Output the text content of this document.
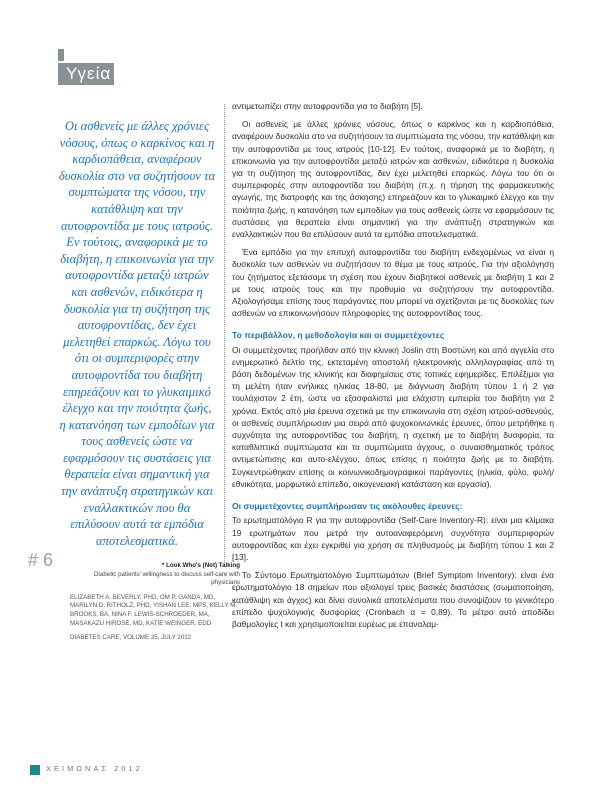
Υγεία

Οι ασθενείς με άλλες χρόνιες νόσους, όπως ο καρκίνος και η καρδιοπάθεια, αναφέρουν δυσκολία στο να συζητήσουν τα συμπτώματα της νόσου, την κατάθλιψη και την αυτοφροντίδα με τους ιατρούς. Εν τούτοις, αναφορικά με το διαβήτη, η επικοινωνία για την αυτοφροντίδα μεταξύ ιατρών και ασθενών, ειδικότερα η δυσκολία για τη συζήτηση της αυτοφροντίδας, δεν έχει μελετηθεί επαρκώς. Λόγω του ότι οι συμπεριφορές στην αυτοφροντίδα του διαβήτη επηρεάζουν και το γλυκαιμικό έλεγχο και την ποιότητα ζωής, η κατανόηση των εμποδίων για τους ασθενείς ώστε να εφαρμόσουν τις συστάσεις για θεραπεία είναι σημαντική για την ανάπτυξη στρατηγικών και εναλλακτικών που θα επιλύσουν αυτά τα εμπόδια αποτελεσματικά.

αντιμετωπίζει στην αυτοφροντίδα για το διαβήτη [5].

Οι ασθενείς με άλλες χρόνιες νόσους, όπως ο καρκίνος και η καρδιοπάθεια, αναφέρουν δυσκολία στο να συζητήσουν τα συμπτώματα της νόσου, την κατάθλιψη και την αυτοφροντίδα με τους ιατρούς [10-12]. Εν τούτοις, αναφορικά με το διαβήτη, η επικοινωνία για την αυτοφροντίδα μεταξύ ιατρών και ασθενών, ειδικότερα η δυσκολία για τη συζήτηση της αυτοφροντίδας, δεν έχει μελετηθεί επαρκώς. Λόγω του ότι οι συμπεριφορές στην αυτοφροντίδα του διαβήτη (π.χ. η τήρηση της φαρμακευτικής αγωγής, της διατροφής και της άσκησης) επηρεάζουν και το γλυκαιμικό έλεγχο και την ποιότητα ζωής, η κατανόηση των εμποδίων για τους ασθενείς ώστε να εφαρμόσουν τις συστάσεις για θεραπεία είναι σημαντική για την ανάπτυξη στρατηγικών και εναλλακτικών που θα επιλύσουν αυτά τα εμπόδια αποτελεσματικά.

Ένα εμπόδιο για την επιτυχή αυτοφροντίδα του διαβήτη ενδεχομένως να είναι η δυσκολία των ασθενών να συζητήσουν το θέμα με τους ιατρούς. Για την αξιολόγηση του ζητήματος εξετάσαμε τη σχέση που έχουν διαβητικοί ασθενείς με διαβήτη 1 και 2 με τους ιατρούς τους και την προθυμία να συζητήσουν την αυτοφροντίδα. Αξιολογήσαμε επίσης τους παράγοντες που μπορεί να σχετίζονται με τις δυσκολίες των ασθενών να επικοινωνήσουν πληροφορίες της αυτοφροντίδας τους.

Το περιβάλλον, η μεθοδολογία και οι συμμετέχοντες

Οι συμμετέχοντες προήλθαν από την κλινική Joslin στη Βοστώνη και από αγγελία στο ενημερωτικό δελτίο της, εκτεταμένη αποστολή ηλεκτρονικής αλληλογραφίας από τη βάση δεδομένων της κλινικής και διαφημίσεις στις τοπικές εφημερίδες. Επιλέξιμοι για τη μελέτη ήταν ενήλικες ηλικίας 18-80, με διάγνωση διαβήτη τύπου 1 ή 2 για τουλάχιστον 2 έτη, ώστε να εξασφαλιστεί μια ελάχιστη εμπειρία του διαβήτη για 2 χρόνια. Εκτός από μία έρευνα σχετικά με την επικοινωνία στη σχέση ιατρού-ασθενούς, οι ασθενείς συμπλήρωσαν μια σειρά από ψυχοκοινωνικές έρευνες, όπου μετρήθηκε η συχνότητα της αυτοφροντίδας του διαβήτη, η σχετική με το διαβήτη δυσφορία, τα καταθλιπτικά συμπτώματα και τα συμπτώματα άγχους, ο συναισθηματικός τρόπος αντιμετώπισης και αυτο-ελέγχου, όπως επίσης η ποιότητα ζωής με το διαβήτη. Συγκεντρώθηκαν επίσης οι κοινωνικοδημογραφικοί παράγοντες (ηλικία, φύλο, φυλή/εθνικότητα, μορφωτικό επίπεδο, οικογενειακή κατάσταση και εργασία).

Οι συμμετέχοντες συμπλήρωσαν τις ακόλουθες έρευνες:

Το ερωτηματολόγιο R για την αυτοφροντίδα (Self-Care Inventory-R): είναι μια κλίμακα 19 ερωτημάτων που μετρά την αυτοαναφερόμενη συχνότητα συμπεριφορών αυτοφροντίδας και έχει εγκριθεί για χρήση σε πληθυσμούς με διαβήτη τύπου 1 και 2 [13].

Το Σύντομο Ερωτηματολόγιο Συμπτωμάτων (Brief Symptom Inventory): είναι ένα ερωτηματολόγιο 18 σημείων που αξιολογεί τρεις βασικές διαστάσεις (σωματοποίηση, κατάθλιψη και άγχος) και δίνει συνολικά αποτελέσματα που συνοψίζουν το γενικότερο επίπεδο ψυχολογικής δυσφορίας (Cronbach α = 0,89). Το μέτρο αυτό αποδίδει βαθμολογίες t και χρησιμοποιείται ευρέως με επαναλαμ-

# 6	* Look Who's (Not) Talking
Diabetic patients' willingness to discuss self-care with physicians
ELIZABETH A. BEVERLY, PHD, OM P. GANDA, MD, MARILYN D. RITHOLZ, PHD, YISHAN LEE, MPS, KELLY M. BROOKS, BA, NINA F. LEWIS-SCHROEDER, MA, MASAKAZU HIROSE, MD, KATIE WEINGER, EDD
DIABETES CARE, VOLUME 35, JULY 2012
ΧΕΙΜΩΝΑΣ 2012
